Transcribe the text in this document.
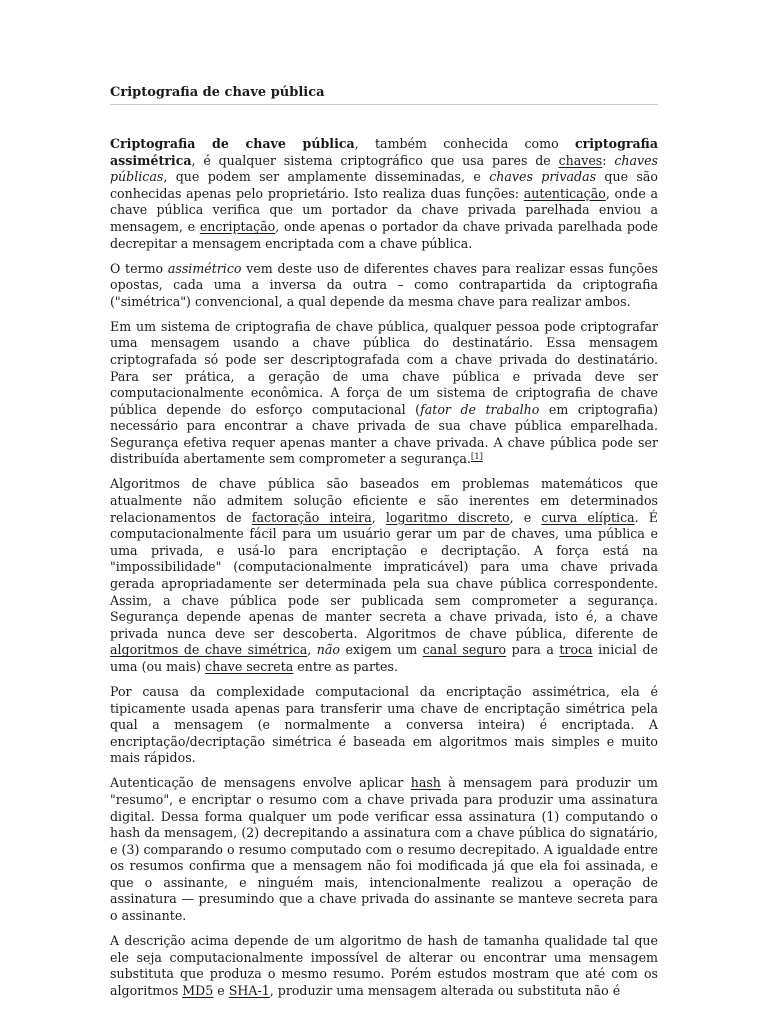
Criptografia de chave pública

Criptografia de chave pública, também conhecida como criptografia assimétrica, é qualquer sistema criptográfico que usa pares de chaves: chaves públicas, que podem ser amplamente disseminadas, e chaves privadas que são conhecidas apenas pelo proprietário. Isto realiza duas funções: autenticação, onde a chave pública verifica que um portador da chave privada parelhada enviou a mensagem, e encriptação, onde apenas o portador da chave privada parelhada pode decrepitar a mensagem encriptada com a chave pública.

O termo assimétrico vem deste uso de diferentes chaves para realizar essas funções opostas, cada uma a inversa da outra – como contrapartida da criptografia ("simétrica") convencional, a qual depende da mesma chave para realizar ambos.

Em um sistema de criptografia de chave pública, qualquer pessoa pode criptografar uma mensagem usando a chave pública do destinatário. Essa mensagem criptografada só pode ser descriptografada com a chave privada do destinatário. Para ser prática, a geração de uma chave pública e privada deve ser computacionalmente econômica. A força de um sistema de criptografia de chave pública depende do esforço computacional (fator de trabalho em criptografia) necessário para encontrar a chave privada de sua chave pública emparelhada. Segurança efetiva requer apenas manter a chave privada. A chave pública pode ser distribuída abertamente sem comprometer a segurança.[1]

Algoritmos de chave pública são baseados em problemas matemáticos que atualmente não admitem solução eficiente e são inerentes em determinados relacionamentos de factoração inteira, logaritmo discreto, e curva elíptica. É computacionalmente fácil para um usuário gerar um par de chaves, uma pública e uma privada, e usá-lo para encriptação e decriptação. A força está na "impossibilidade" (computacionalmente impraticável) para uma chave privada gerada apropriadamente ser determinada pela sua chave pública correspondente. Assim, a chave pública pode ser publicada sem comprometer a segurança. Segurança depende apenas de manter secreta a chave privada, isto é, a chave privada nunca deve ser descoberta. Algoritmos de chave pública, diferente de algoritmos de chave simétrica, não exigem um canal seguro para a troca inicial de uma (ou mais) chave secreta entre as partes.

Por causa da complexidade computacional da encriptação assimétrica, ela é tipicamente usada apenas para transferir uma chave de encriptação simétrica pela qual a mensagem (e normalmente a conversa inteira) é encriptada. A encriptação/decriptação simétrica é baseada em algoritmos mais simples e muito mais rápidos.

Autenticação de mensagens envolve aplicar hash à mensagem para produzir um "resumo", e encriptar o resumo com a chave privada para produzir uma assinatura digital. Dessa forma qualquer um pode verificar essa assinatura (1) computando o hash da mensagem, (2) decrepitando a assinatura com a chave pública do signatário, e (3) comparando o resumo computado com o resumo decrepitado. A igualdade entre os resumos confirma que a mensagem não foi modificada já que ela foi assinada, e que o assinante, e ninguém mais, intencionalmente realizou a operação de assinatura — presumindo que a chave privada do assinante se manteve secreta para o assinante.

A descrição acima depende de um algoritmo de hash de tamanha qualidade tal que ele seja computacionalmente impossível de alterar ou encontrar uma mensagem substituta que produza o mesmo resumo. Porém estudos mostram que até com os algoritmos MD5 e SHA-1, produzir uma mensagem alterada ou substituta não é
